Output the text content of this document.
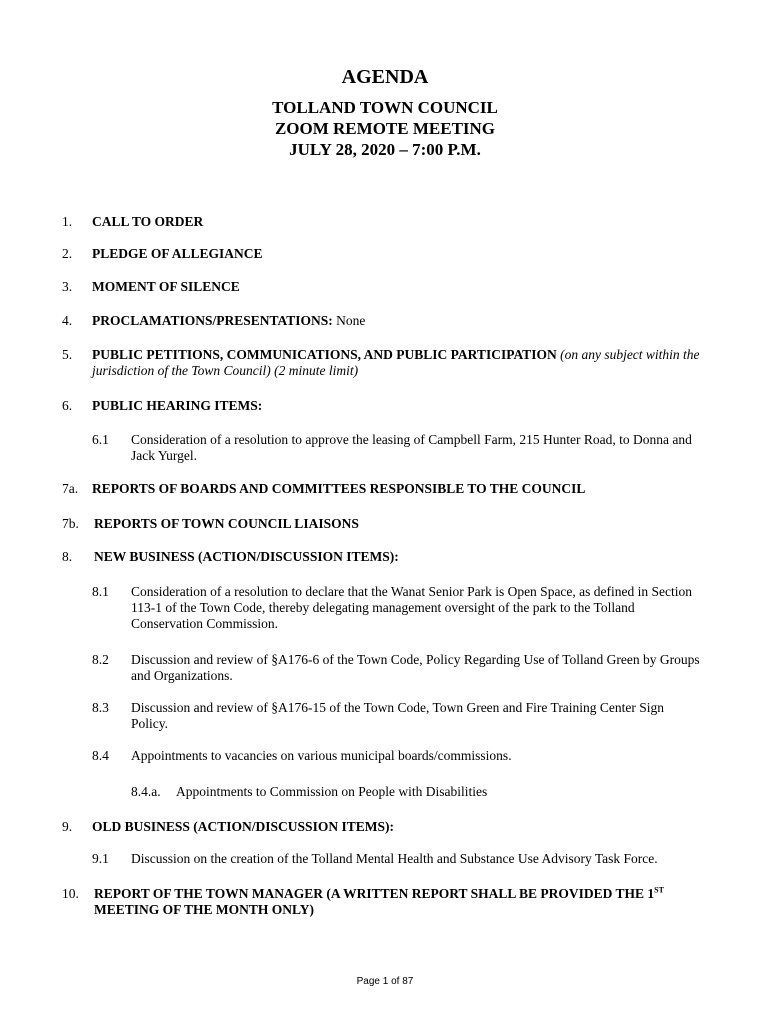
AGENDA
TOLLAND TOWN COUNCIL
ZOOM REMOTE MEETING
JULY 28, 2020 – 7:00 P.M.
1. CALL TO ORDER
2. PLEDGE OF ALLEGIANCE
3. MOMENT OF SILENCE
4. PROCLAMATIONS/PRESENTATIONS: None
5. PUBLIC PETITIONS, COMMUNICATIONS, AND PUBLIC PARTICIPATION (on any subject within the jurisdiction of the Town Council) (2 minute limit)
6. PUBLIC HEARING ITEMS:
6.1 Consideration of a resolution to approve the leasing of Campbell Farm, 215 Hunter Road, to Donna and Jack Yurgel.
7a. REPORTS OF BOARDS AND COMMITTEES RESPONSIBLE TO THE COUNCIL
7b. REPORTS OF TOWN COUNCIL LIAISONS
8. NEW BUSINESS (ACTION/DISCUSSION ITEMS):
8.1 Consideration of a resolution to declare that the Wanat Senior Park is Open Space, as defined in Section 113-1 of the Town Code, thereby delegating management oversight of the park to the Tolland Conservation Commission.
8.2 Discussion and review of §A176-6 of the Town Code, Policy Regarding Use of Tolland Green by Groups and Organizations.
8.3 Discussion and review of §A176-15 of the Town Code, Town Green and Fire Training Center Sign Policy.
8.4 Appointments to vacancies on various municipal boards/commissions.
8.4.a. Appointments to Commission on People with Disabilities
9. OLD BUSINESS (ACTION/DISCUSSION ITEMS):
9.1 Discussion on the creation of the Tolland Mental Health and Substance Use Advisory Task Force.
10. REPORT OF THE TOWN MANAGER (A WRITTEN REPORT SHALL BE PROVIDED THE 1ST
MEETING OF THE MONTH ONLY)
Page 1 of 87
